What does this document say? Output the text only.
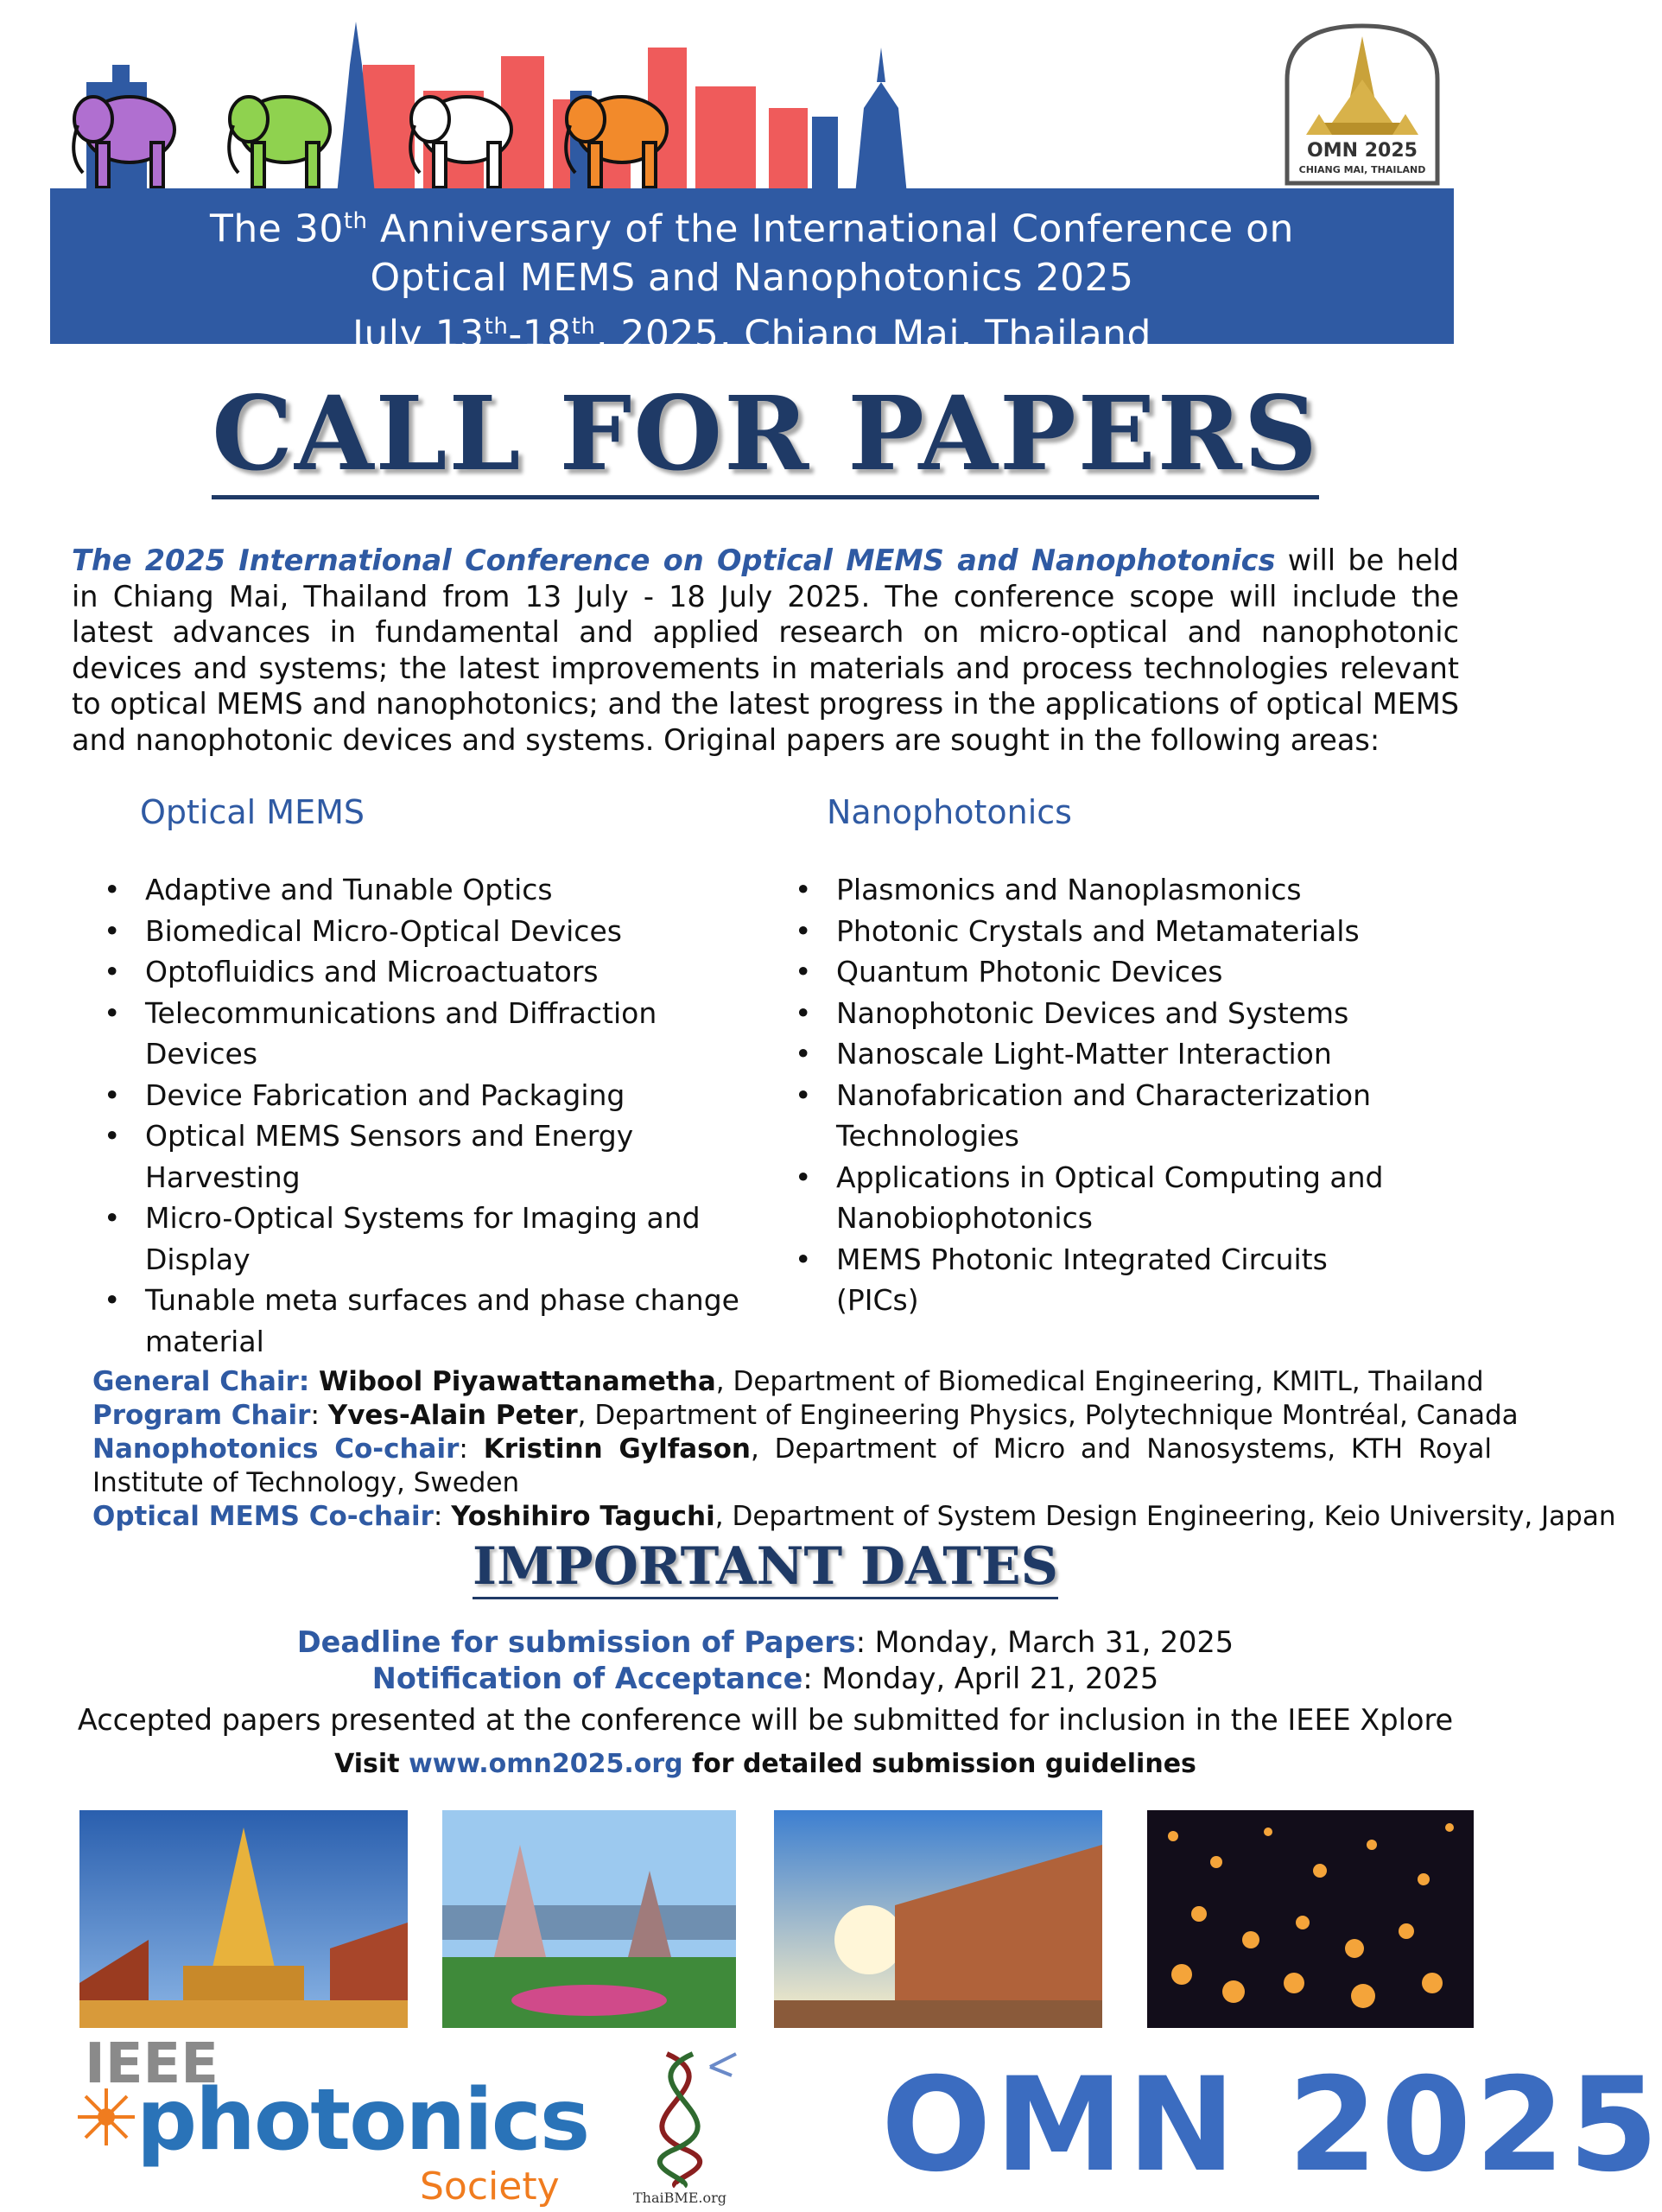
OMN 2025
CHIANG MAI, THAILAND
The 30th Anniversary of the International Conference on
Optical MEMS and Nanophotonics 2025
July 13th-18th, 2025, Chiang Mai, Thailand
CALL FOR PAPERS
The 2025 International Conference on Optical MEMS and Nanophotonics will be held in Chiang Mai, Thailand from 13 July - 18 July 2025. The conference scope will include the latest advances in fundamental and applied research on micro-optical and nanophotonic devices and systems; the latest improvements in materials and process technologies relevant to optical MEMS and nanophotonics; and the latest progress in the applications of optical MEMS and nanophotonic devices and systems. Original papers are sought in the following areas:
Optical MEMS	Nanophotonics
• Adaptive and Tunable Optics
• Biomedical Micro-Optical Devices
• Optofluidics and Microactuators
• Telecommunications and Diffraction Devices
• Device Fabrication and Packaging
• Optical MEMS Sensors and Energy Harvesting
• Micro-Optical Systems for Imaging and Display
• Tunable meta surfaces and phase change material
• Plasmonics and Nanoplasmonics
• Photonic Crystals and Metamaterials
• Quantum Photonic Devices
• Nanophotonic Devices and Systems
• Nanoscale Light-Matter Interaction
• Nanofabrication and Characterization Technologies
• Applications in Optical Computing and Nanobiophotonics
• MEMS Photonic Integrated Circuits (PICs)
General Chair: Wibool Piyawattanametha, Department of Biomedical Engineering, KMITL, Thailand
Program Chair: Yves-Alain Peter, Department of Engineering Physics, Polytechnique Montréal, Canada
Nanophotonics Co-chair: Kristinn Gylfason, Department of Micro and Nanosystems, KTH Royal Institute of Technology, Sweden
Optical MEMS Co-chair: Yoshihiro Taguchi, Department of System Design Engineering, Keio University, Japan
IMPORTANT DATES
Deadline for submission of Papers: Monday, March 31, 2025
Notification of Acceptance: Monday, April 21, 2025
Accepted papers presented at the conference will be submitted for inclusion in the IEEE Xplore
Visit www.omn2025.org for detailed submission guidelines
IEEE
photonics
Society	ThaiBME.org OMN 2025
